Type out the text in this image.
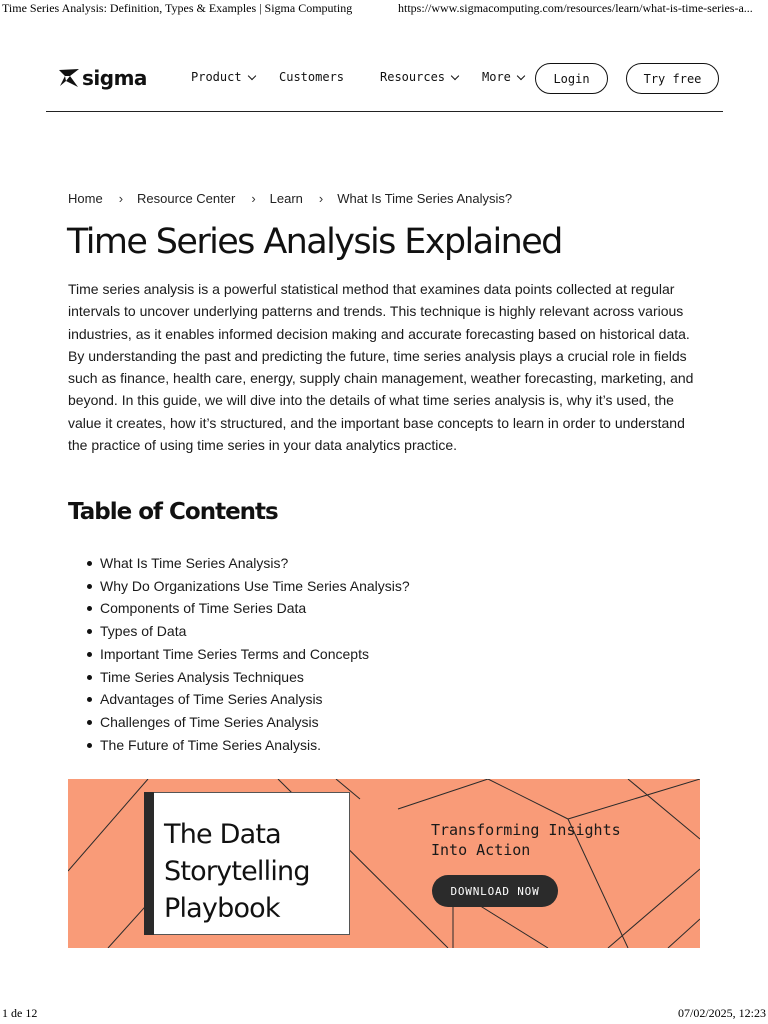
Time Series Analysis: Definition, Types & Examples | Sigma Computing	https://www.sigmacomputing.com/resources/learn/what-is-time-series-a...
sigma	Product	Customers	Resources	More	Login	Try free
Home › Resource Center › Learn › What Is Time Series Analysis?
Time Series Analysis Explained

Time series analysis is a powerful statistical method that examines data points collected at regular intervals to uncover underlying patterns and trends. This technique is highly relevant across various industries, as it enables informed decision making and accurate forecasting based on historical data. By understanding the past and predicting the future, time series analysis plays a crucial role in fields such as finance, health care, energy, supply chain management, weather forecasting, marketing, and beyond. In this guide, we will dive into the details of what time series analysis is, why it’s used, the value it creates, how it’s structured, and the important base concepts to learn in order to understand the practice of using time series in your data analytics practice.

Table of Contents
What Is Time Series Analysis?
Why Do Organizations Use Time Series Analysis?
Components of Time Series Data
Types of Data
Important Time Series Terms and Concepts
Time Series Analysis Techniques
Advantages of Time Series Analysis
Challenges of Time Series Analysis
The Future of Time Series Analysis.
The Data Storytelling Playbook
Transforming Insights Into Action
DOWNLOAD NOW
1 de 12	07/02/2025, 12:23
